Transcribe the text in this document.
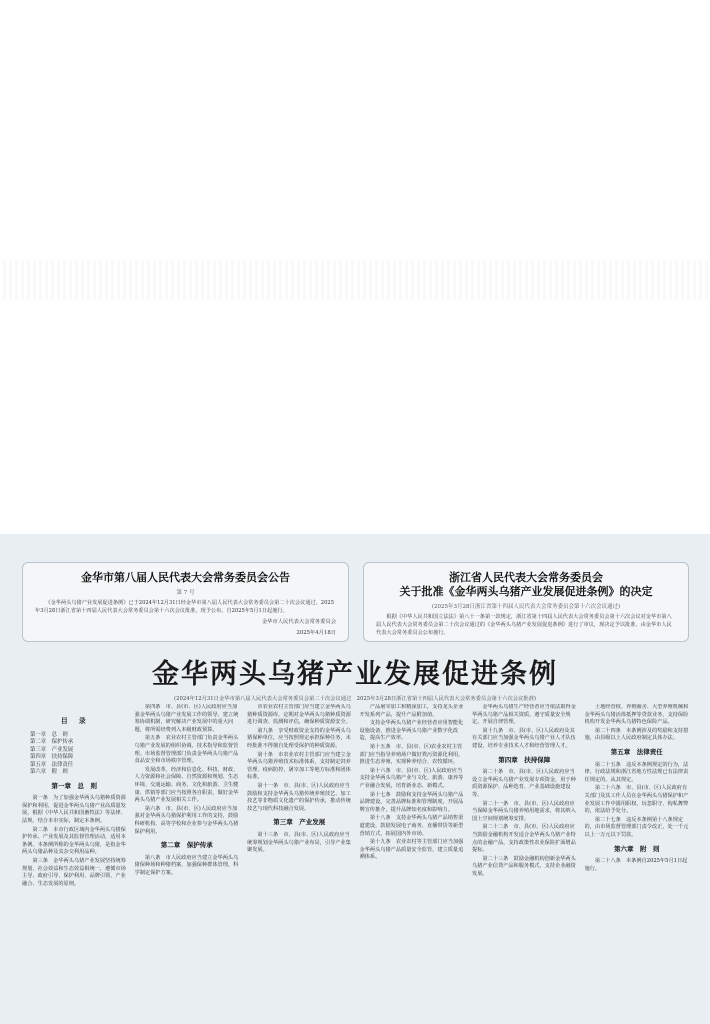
金华市第八届人民代表大会常务委员会公告
第 7 号

《金华两头乌猪产业发展促进条例》已于2024年12月31日经金华市第八届人民代表大会常务委员会第二十次会议通过，2025年3月28日浙江省第十四届人民代表大会常务委员会第十六次会议批准，现予公布，自2025年5月1日起施行。

金华市人民代表大会常务委员会
2025年4月18日
浙江省人民代表大会常务委员会
关于批准《金华两头乌猪产业发展促进条例》的决定
(2025年3月28日浙江省第十四届人民代表大会常务委员会第十六次会议通过)

根据《中华人民共和国立法法》第八十一条第一款规定，浙江省第十四届人民代表大会常务委员会第十六次会议对金华市第八届人民代表大会常务委员会第二十次会议通过的《金华两头乌猪产业发展促进条例》进行了审议，现决定予以批准，由金华市人民代表大会常务委员会公布施行。

金华两头乌猪产业发展促进条例
(2024年12月31日金华市第八届人民代表大会常务委员会第二十次会议通过　2025年3月28日浙江省第十四届人民代表大会常务委员会第十六次会议批准)
目　录
第一章　总　则
第二章　保护传承
第三章　产业发展
第四章　扶持保障
第五章　法律责任
第六章　附　则
第一章　总　则

第一条　为了加强金华两头乌猪种质资源保护和利用，促进金华两头乌猪产业高质量发展，根据《中华人民共和国畜牧法》等法律、法规，结合本市实际，制定本条例。

第二条　本市行政区域内金华两头乌猪保护传承、产业发展及其监督管理活动，适用本条例。本条例所称的金华两头乌猪，是指金华两头乌猪品种及其杂交利用品种。

第三条　金华两头乌猪产业发展坚持统筹规划、社会效益和生态效益相统一，遵循市场主导、政府引导、保护利用、品牌引领、产业融合、生态发展的原则。

第四条　市、县(市、区)人民政府应当加强金华两头乌猪产业发展工作的领导，建立统筹协调机制，研究解决产业发展中的重大问题，将所需经费列入本级财政预算。

第五条　农业农村主管部门负责金华两头乌猪产业发展的组织协调、技术指导和监督管理。市场监督管理部门负责金华两头乌猪产品食品安全和市场秩序管理。

发展改革、经济和信息化、科技、财政、人力资源和社会保障、自然资源和规划、生态环境、交通运输、商务、文化和旅游、卫生健康、供销等部门应当按照各自职责，做好金华两头乌猪产业发展相关工作。

第六条　市、县(市、区)人民政府应当加强对金华两头乌猪保护利用工作的支持，鼓励科研机构、高等学校和企业参与金华两头乌猪保护利用。

第二章　保护传承

第八条　市人民政府应当建立金华两头乌猪保种场和种猪档案，加强保种群体管理，科学制定保护方案。

市农业农村主管部门应当建立金华两头乌猪种质资源库，定期对金华两头乌猪种质资源进行调查、监测和评估，确保种质资源安全。

第九条　享受财政资金支持的金华两头乌猪保种单位，应当按照规定承担保种任务，未经批准不得擅自处理受保护的种质资源。

第十条　市农业农村主管部门应当建立金华两头乌猪养殖技术标准体系，支持制定饲养管理、疫病防控、屠宰加工等地方标准和团体标准。

第十一条　市、县(市、区)人民政府应当鼓励和支持金华两头乌猪传统养殖技艺、加工技艺等非物质文化遗产的保护传承，推动传统技艺与现代科技融合发展。

第三章　产业发展

第十三条　市、县(市、区)人民政府应当统筹规划金华两头乌猪产业布局，引导产业集聚发展。

产品屠宰加工和精深加工，支持龙头企业开发系列产品，提升产品附加值。

支持金华两头乌猪产业经营者应用智能化设施设备，推进金华两头乌猪产业数字化改造，提高生产效率。

第十五条　市、县(市、区)农业农村主管部门应当指导养殖场户做好粪污资源化利用，推进生态养殖，实现种养结合、农牧循环。

第十六条　市、县(市、区)人民政府应当支持金华两头乌猪产业与文化、旅游、康养等产业融合发展，培育新业态、新模式。

第十七条　鼓励和支持金华两头乌猪产品品牌建设，完善品牌标准和管理制度，开展品牌宣传推介，提升品牌知名度和影响力。

第十八条　支持金华两头乌猪产品销售渠道建设，鼓励发展电子商务、直播带货等新型营销方式，拓展国内外市场。

第十九条　农业农村等主管部门应当加强金华两头乌猪产品质量安全监管，建立质量追溯体系。

金华两头乌猪生产经营者应当依法取得金华两头乌猪产品相关资质，遵守质量安全规定，开展自律管理。

第十九条　市、县(市、区)人民政府及其有关部门应当加强金华两头乌猪产业人才队伍建设，培养专业技术人才和经营管理人才。

第四章　扶持保障

第二十条　市、县(市、区)人民政府应当设立金华两头乌猪产业发展专项资金，用于种质资源保护、品种选育、产业基础设施建设等。

第二十一条　市、县(市、区)人民政府应当保障金华两头乌猪养殖用地需求，将其纳入国土空间规划统筹安排。

第二十二条　市、县(市、区)人民政府应当鼓励金融机构开发适合金华两头乌猪产业特点的金融产品，支持政策性农业保险扩面增品提标。

第二十三条　鼓励金融机构创新金华两头乌猪产业信贷产品和服务模式，支持企业融资发展。

土地经营权、养殖圈舍、大型养殖机械和金华两头乌猪活体抵押等贷款业务，支持保险机构开发金华两头乌猪特色保险产品。

第二十四条　本条例涉及的奖励和支持措施，由县级以上人民政府制定具体办法。

第五章　法律责任

第二十五条　违反本条例规定的行为，法律、行政法规和浙江省地方性法规已有法律责任规定的，从其规定。

第二十六条　市、县(市、区)人民政府有关部门及其工作人员在金华两头乌猪保护和产业发展工作中滥用职权、玩忽职守、徇私舞弊的，依法给予处分。

第二十七条　违反本条例第十八条规定的，由市场监督管理部门责令改正，处一千元以上一万元以下罚款。

第六章　附　则

第二十八条　本条例自2025年5月1日起施行。
